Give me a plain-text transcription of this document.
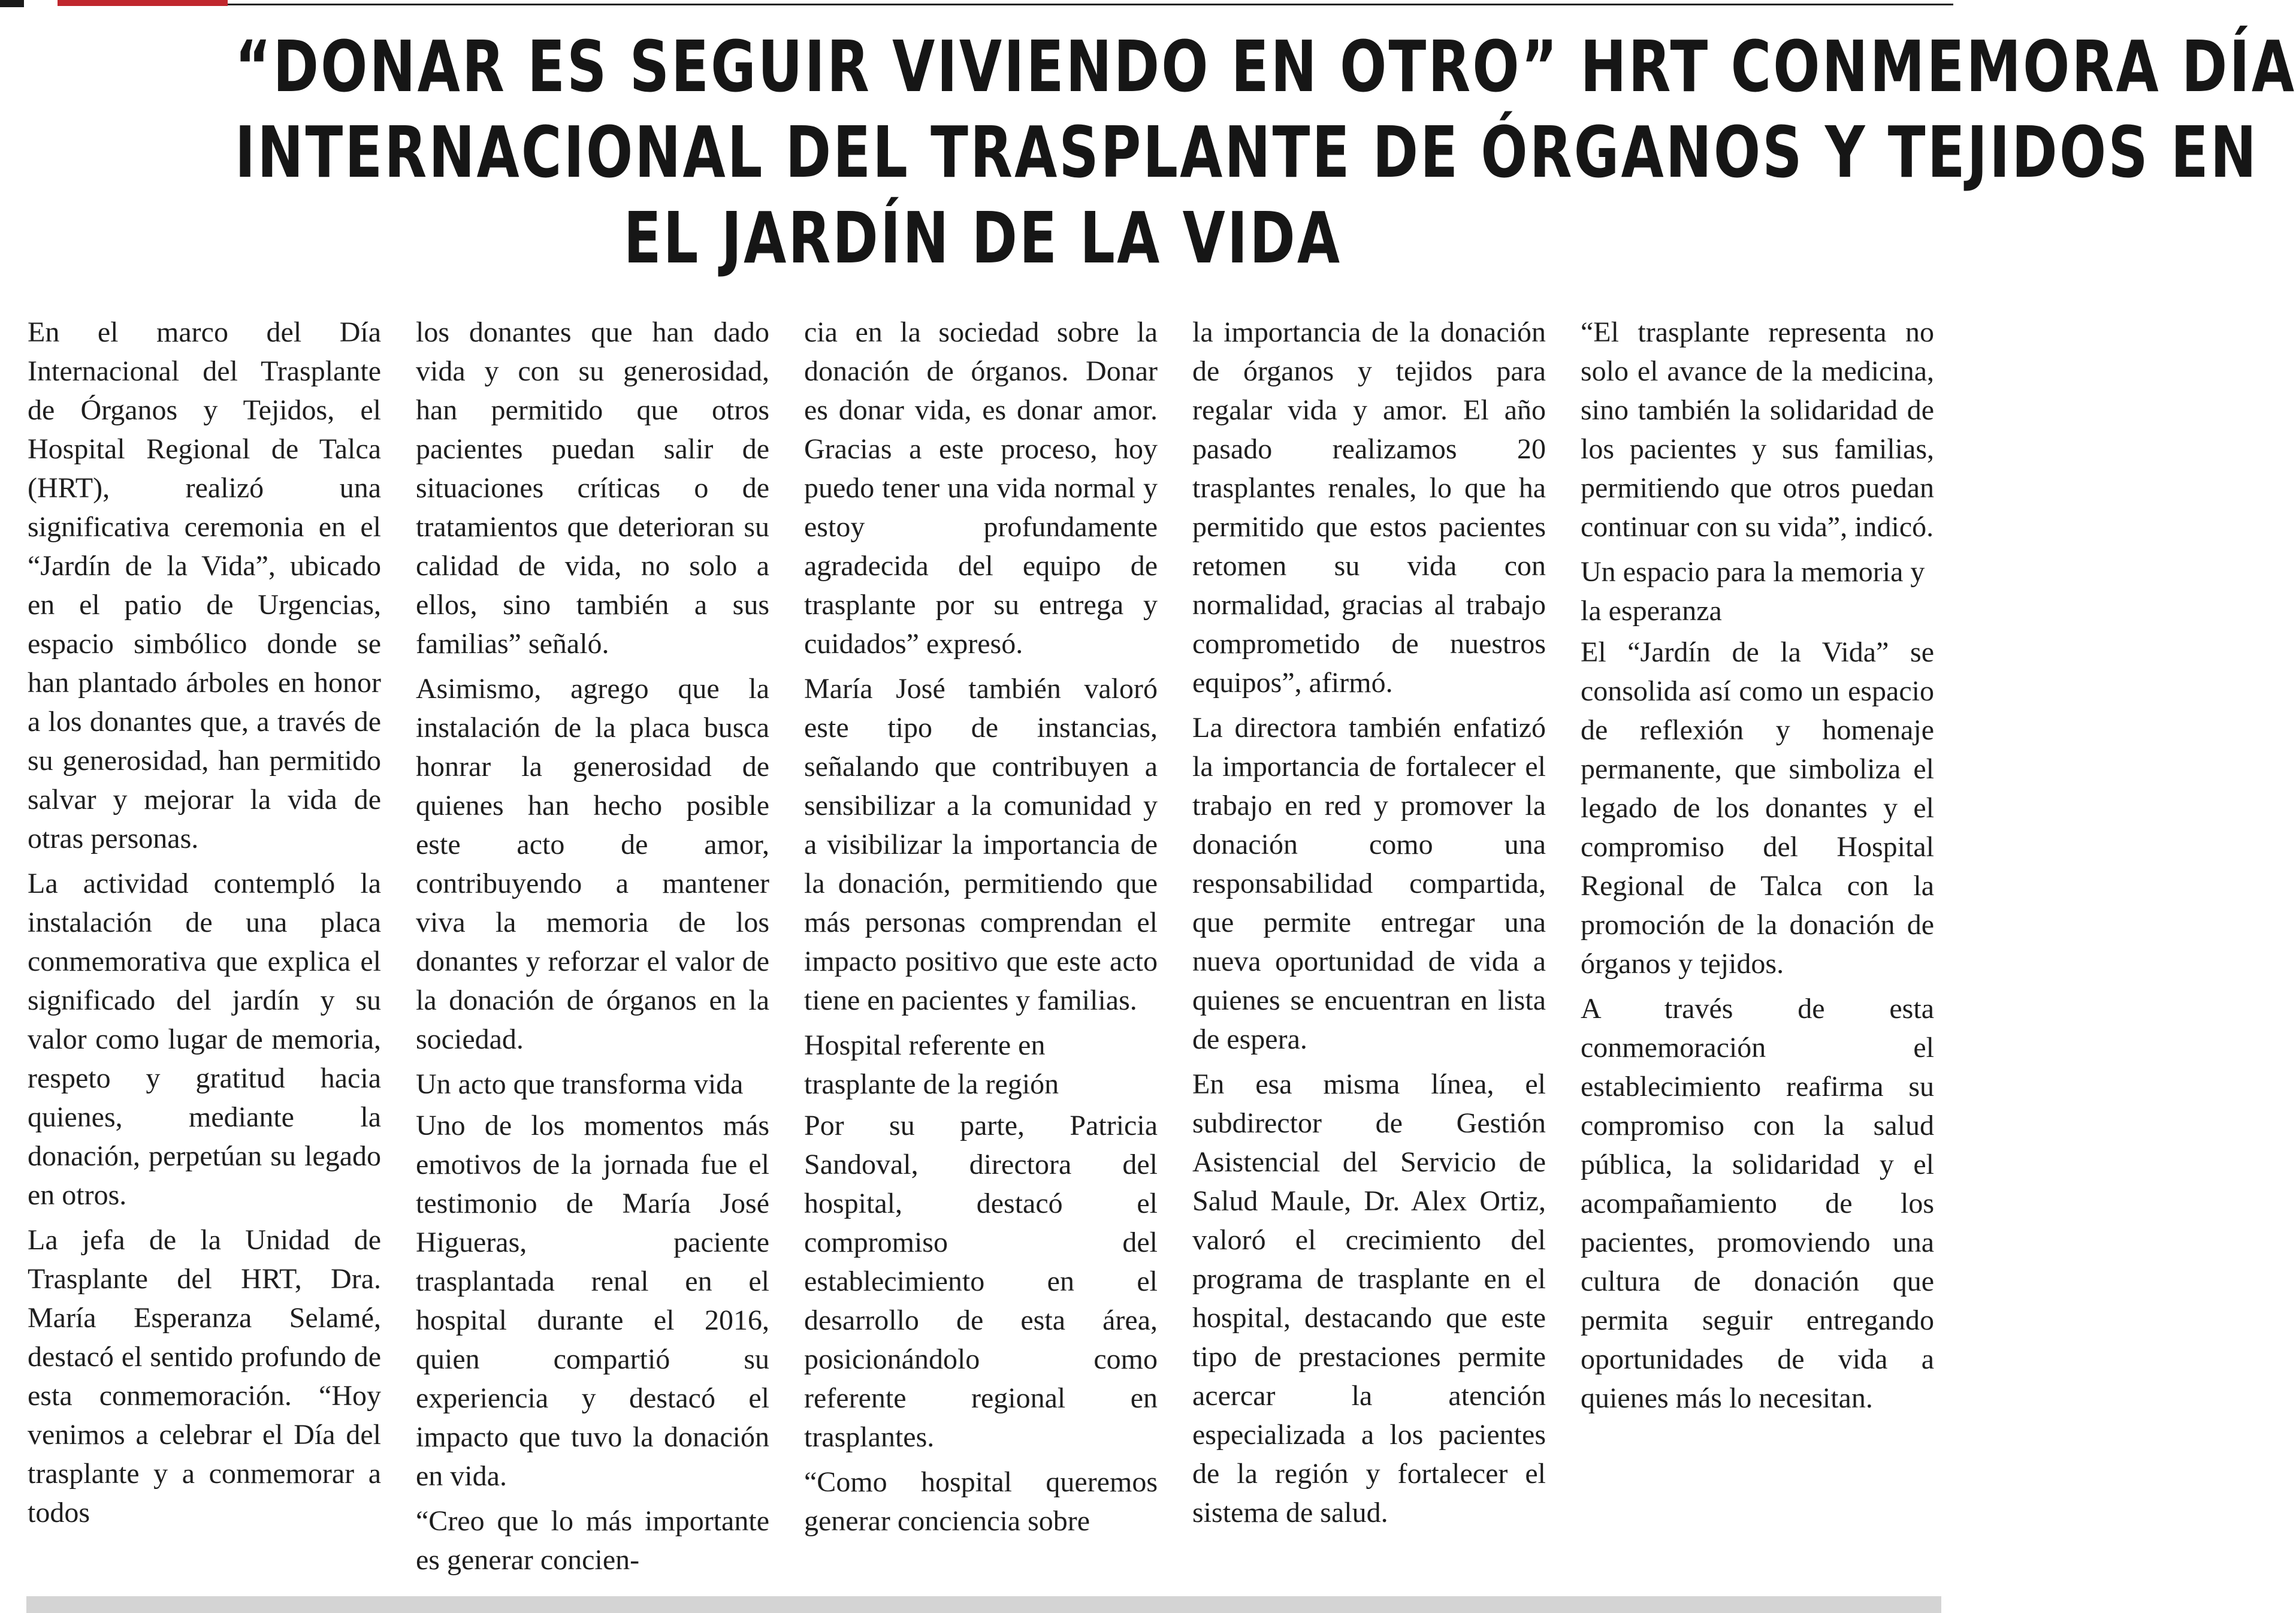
“DONAR ES SEGUIR VIVIENDO EN OTRO” HRT CONMEMORA DÍA
INTERNACIONAL DEL TRASPLANTE DE ÓRGANOS Y TEJIDOS EN
EL JARDÍN DE LA VIDA

En el marco del Día Internacional del Trasplante de Órganos y Tejidos, el Hospital Regional de Talca (HRT), realizó una significativa ceremonia en el “Jardín de la Vida”, ubicado en el patio de Urgencias, espacio simbólico donde se han plantado árboles en honor a los donantes que, a través de su generosidad, han permitido salvar y mejorar la vida de otras personas.

La actividad contempló la instalación de una placa conmemorativa que explica el significado del jardín y su valor como lugar de memoria, respeto y gratitud hacia quienes, mediante la donación, perpetúan su legado en otros.

La jefa de la Unidad de Trasplante del HRT, Dra. María Esperanza Selamé, destacó el sentido profundo de esta conmemoración. “Hoy venimos a celebrar el Día del trasplante y a conmemorar a todos

los donantes que han dado vida y con su generosidad, han permitido que otros pacientes puedan salir de situaciones críticas o de tratamientos que deterioran su calidad de vida, no solo a ellos, sino también a sus familias” señaló.

Asimismo, agrego que la instalación de la placa busca honrar la generosidad de quienes han hecho posible este acto de amor, contribuyendo a mantener viva la memoria de los donantes y reforzar el valor de la donación de órganos en la sociedad.

Un acto que transforma vida

Uno de los momentos más emotivos de la jornada fue el testimonio de María José Higueras, paciente trasplantada renal en el hospital durante el 2016, quien compartió su experiencia y destacó el impacto que tuvo la donación en vida.

“Creo que lo más importante es generar concien-

cia en la sociedad sobre la donación de órganos. Donar es donar vida, es donar amor. Gracias a este proceso, hoy puedo tener una vida normal y estoy profundamente agradecida del equipo de trasplante por su entrega y cuidados” expresó.

María José también valoró este tipo de instancias, señalando que contribuyen a sensibilizar a la comunidad y a visibilizar la importancia de la donación, permitiendo que más personas comprendan el impacto positivo que este acto tiene en pacientes y familias.

Hospital referente en trasplante de la región

Por su parte, Patricia Sandoval, directora del hospital, destacó el compromiso del establecimiento en el desarrollo de esta área, posicionándolo como referente regional en trasplantes.

“Como hospital queremos generar conciencia sobre

la importancia de la donación de órganos y tejidos para regalar vida y amor. El año pasado realizamos 20 trasplantes renales, lo que ha permitido que estos pacientes retomen su vida con normalidad, gracias al trabajo comprometido de nuestros equipos”, afirmó.

La directora también enfatizó la importancia de fortalecer el trabajo en red y promover la donación como una responsabilidad compartida, que permite entregar una nueva oportunidad de vida a quienes se encuentran en lista de espera.

En esa misma línea, el subdirector de Gestión Asistencial del Servicio de Salud Maule, Dr. Alex Ortiz, valoró el crecimiento del programa de trasplante en el hospital, destacando que este tipo de prestaciones permite acercar la atención especializada a los pacientes de la región y fortalecer el sistema de salud.

“El trasplante representa no solo el avance de la medicina, sino también la solidaridad de los pacientes y sus familias, permitiendo que otros puedan continuar con su vida”, indicó.

Un espacio para la memoria y la esperanza

El “Jardín de la Vida” se consolida así como un espacio de reflexión y homenaje permanente, que simboliza el legado de los donantes y el compromiso del Hospital Regional de Talca con la promoción de la donación de órganos y tejidos.

A través de esta conmemoración el establecimiento reafirma su compromiso con la salud pública, la solidaridad y el acompañamiento de los pacientes, promoviendo una cultura de donación que permita seguir entregando oportunidades de vida a quienes más lo necesitan.
